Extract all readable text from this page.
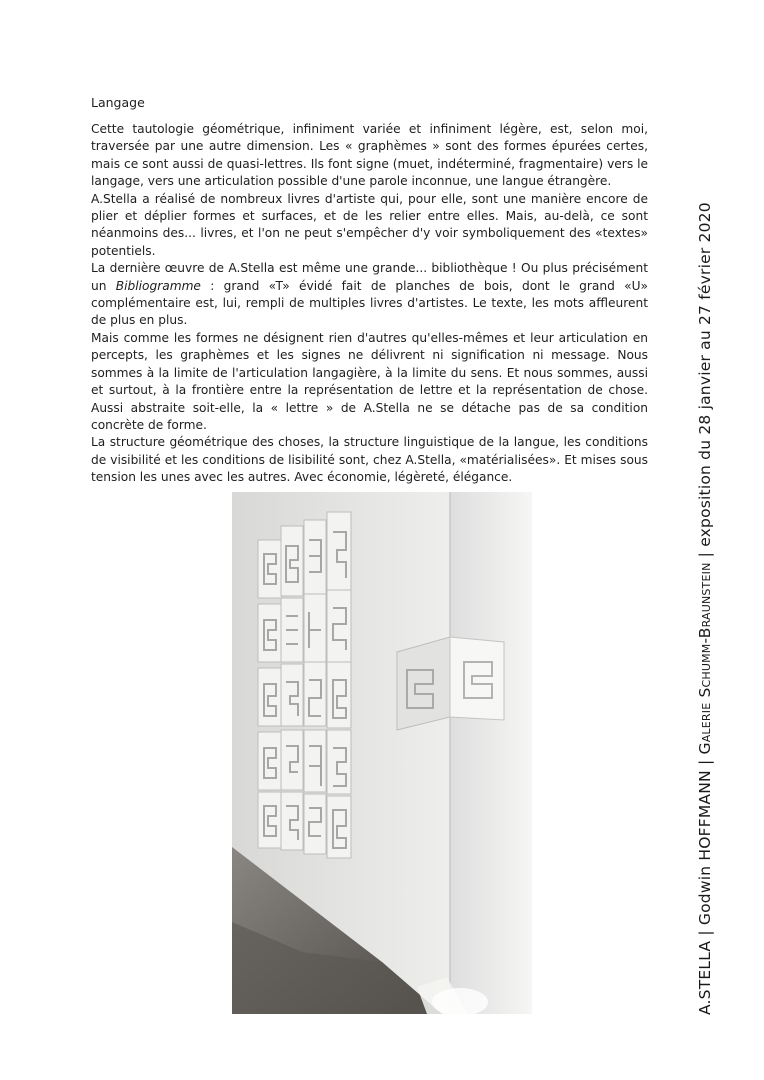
Langage

Cette tautologie géométrique, infiniment variée et infiniment légère, est, selon moi, traversée par une autre dimension. Les « graphèmes » sont des formes épurées certes, mais ce sont aussi de quasi-lettres. Ils font signe (muet, indéterminé, fragmentaire) vers le langage, vers une articulation possible d'une parole inconnue, une langue étrangère.

A.Stella a réalisé de nombreux livres d'artiste qui, pour elle, sont une manière encore de plier et déplier formes et surfaces, et de les relier entre elles. Mais, au-delà, ce sont néanmoins des... livres, et l'on ne peut s'empêcher d'y voir symboliquement des «textes» potentiels.

La dernière œuvre de A.Stella est même une grande... bibliothèque ! Ou plus précisément un Bibliogramme : grand «T» évidé fait de planches de bois, dont le grand «U» complémentaire est, lui, rempli de multiples livres d'artistes. Le texte, les mots affleurent de plus en plus.

Mais comme les formes ne désignent rien d'autres qu'elles-mêmes et leur articulation en percepts, les graphèmes et les signes ne délivrent ni signification ni message. Nous sommes à la limite de l'articulation langagière, à la limite du sens. Et nous sommes, aussi et surtout, à la frontière entre la représentation de lettre et la représentation de chose. Aussi abstraite soit-elle, la « lettre » de A.Stella ne se détache pas de sa condition concrète de forme.

La structure géométrique des choses, la structure linguistique de la langue, les conditions de visibilité et les conditions de lisibilité sont, chez A.Stella, «matérialisées». Et mises sous tension les unes avec les autres. Avec économie, légèreté, élégance.

A.STELLA | Godwin HOFFMANN | Galerie Schumm-Braunstein | exposition du 28 janvier au 27 février 2020
